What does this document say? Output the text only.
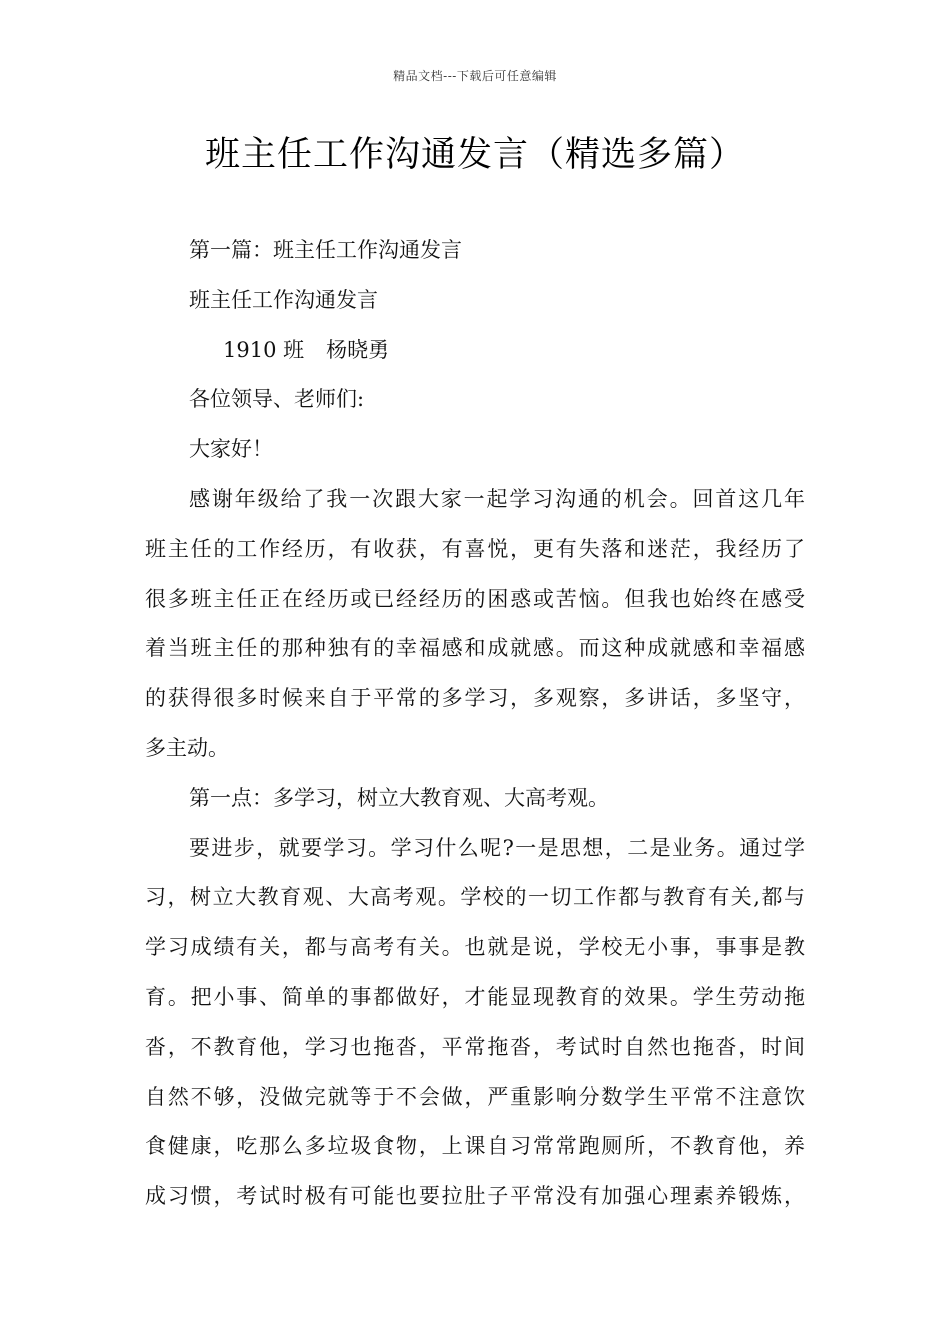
精品文档---下载后可任意编辑
班主任工作沟通发言（精选多篇）
第一篇：班主任工作沟通发言
班主任工作沟通发言
1910 班 杨晓勇
各位领导、老师们:
大家好！
感谢年级给了我一次跟大家一起学习沟通的机会。回首这几年
班主任的工作经历，有收获，有喜悦，更有失落和迷茫，我经历了
很多班主任正在经历或已经经历的困惑或苦恼。但我也始终在感受
着当班主任的那种独有的幸福感和成就感。而这种成就感和幸福感
的获得很多时候来自于平常的多学习，多观察，多讲话，多坚守，
多主动。
第一点：多学习，树立大教育观、大高考观。
要进步，就要学习。学习什么呢?一是思想，二是业务。通过学
习，树立大教育观、大高考观。学校的一切工作都与教育有关,都与
学习成绩有关，都与高考有关。也就是说，学校无小事，事事是教
育。把小事、简单的事都做好，才能显现教育的效果。学生劳动拖
沓，不教育他，学习也拖沓，平常拖沓，考试时自然也拖沓，时间
自然不够，没做完就等于不会做，严重影响分数学生平常不注意饮
食健康，吃那么多垃圾食物，上课自习常常跑厕所，不教育他，养
成习惯，考试时极有可能也要拉肚子平常没有加强心理素养锻炼，
